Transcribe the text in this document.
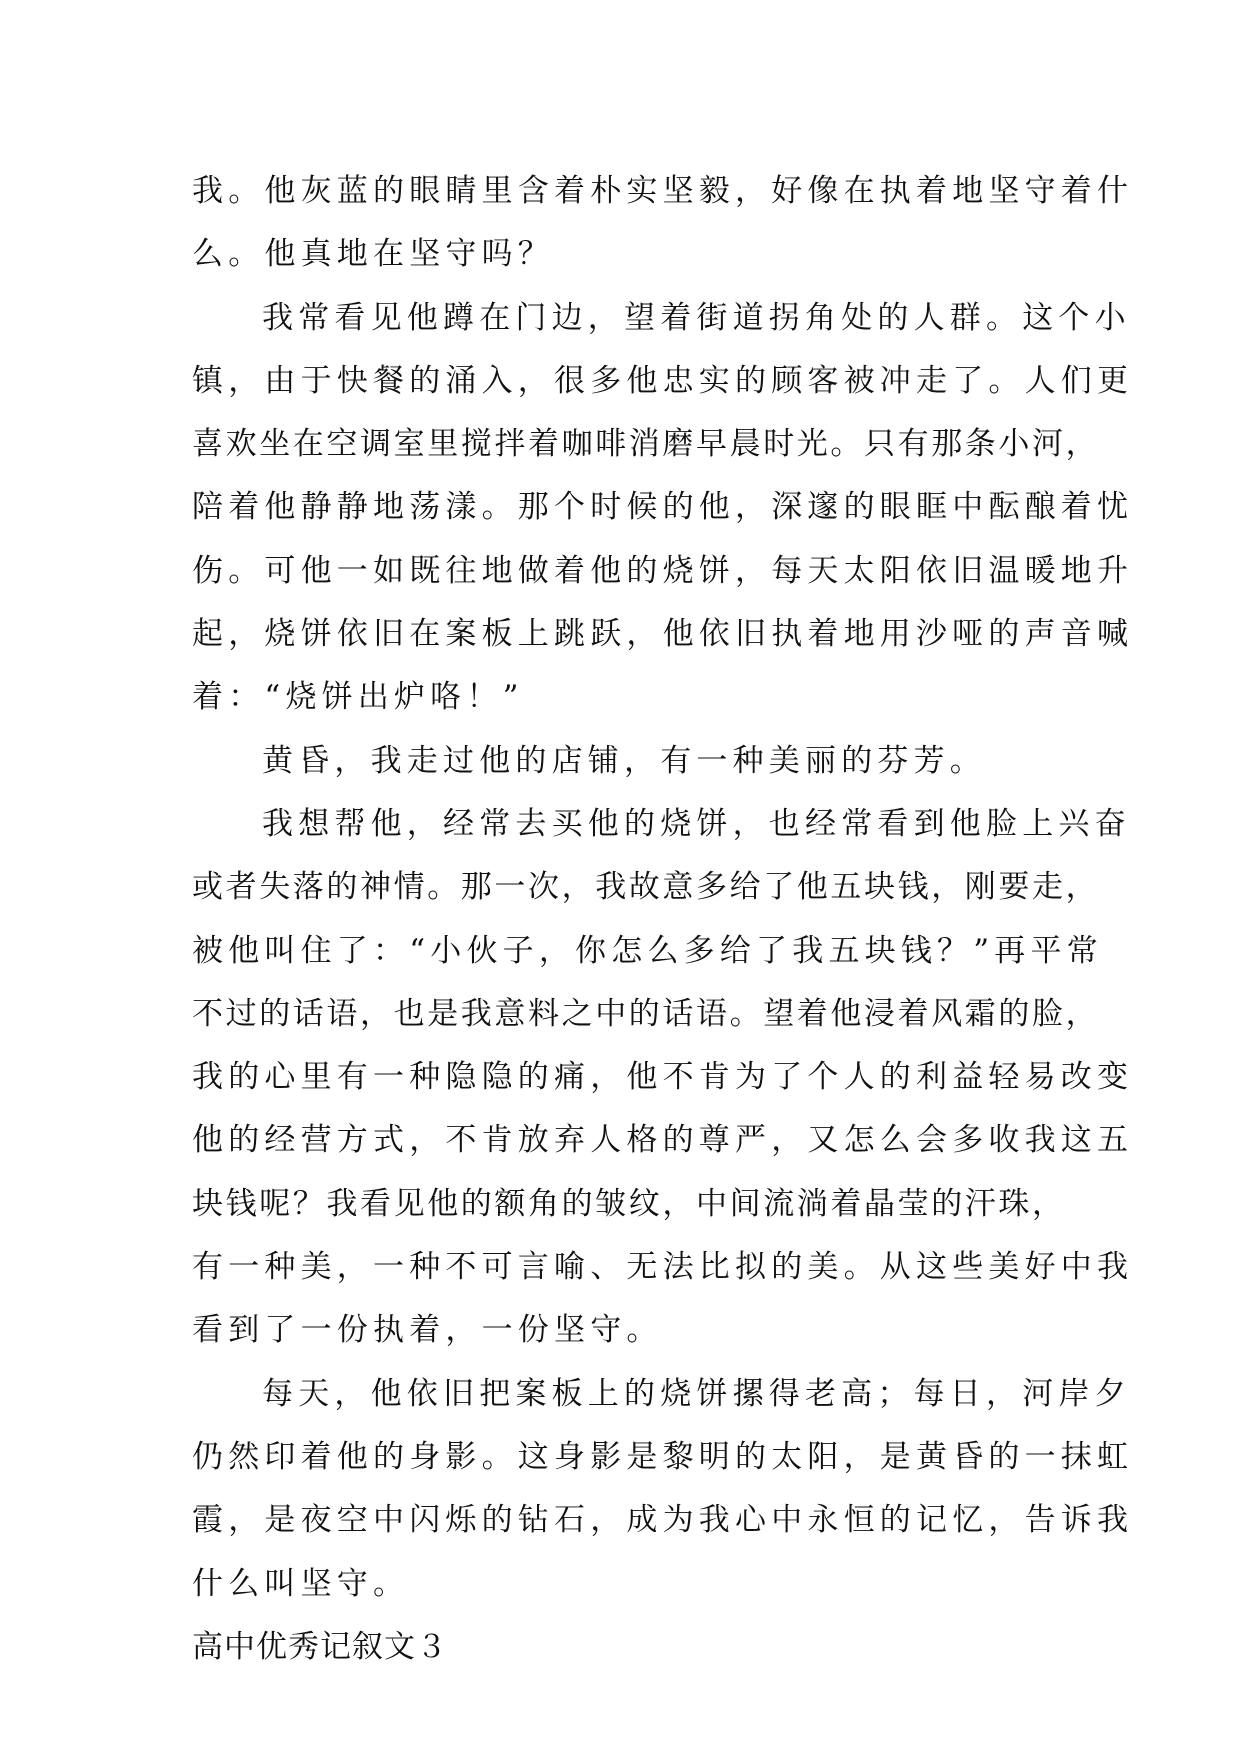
我。他灰蓝的眼睛里含着朴实坚毅，好像在执着地坚守着什
么。他真地在坚守吗？
我常看见他蹲在门边，望着街道拐角处的人群。这个小
镇，由于快餐的涌入，很多他忠实的顾客被冲走了。人们更
喜欢坐在空调室里搅拌着咖啡消磨早晨时光。只有那条小河，
陪着他静静地荡漾。那个时候的他，深邃的眼眶中酝酿着忧
伤。可他一如既往地做着他的烧饼，每天太阳依旧温暖地升
起，烧饼依旧在案板上跳跃，他依旧执着地用沙哑的声音喊
着：“烧饼出炉咯！”
黄昏，我走过他的店铺，有一种美丽的芬芳。
我想帮他，经常去买他的烧饼，也经常看到他脸上兴奋
或者失落的神情。那一次，我故意多给了他五块钱，刚要走，
被他叫住了：“小伙子，你怎么多给了我五块钱？”再平常
不过的话语，也是我意料之中的话语。望着他浸着风霜的脸，
我的心里有一种隐隐的痛，他不肯为了个人的利益轻易改变
他的经营方式，不肯放弃人格的尊严，又怎么会多收我这五
块钱呢？我看见他的额角的皱纹，中间流淌着晶莹的汗珠，
有一种美，一种不可言喻、无法比拟的美。从这些美好中我
看到了一份执着，一份坚守。
每天，他依旧把案板上的烧饼摞得老高；每日，河岸夕
仍然印着他的身影。这身影是黎明的太阳，是黄昏的一抹虹
霞，是夜空中闪烁的钻石，成为我心中永恒的记忆，告诉我
什么叫坚守。
高中优秀记叙文３
